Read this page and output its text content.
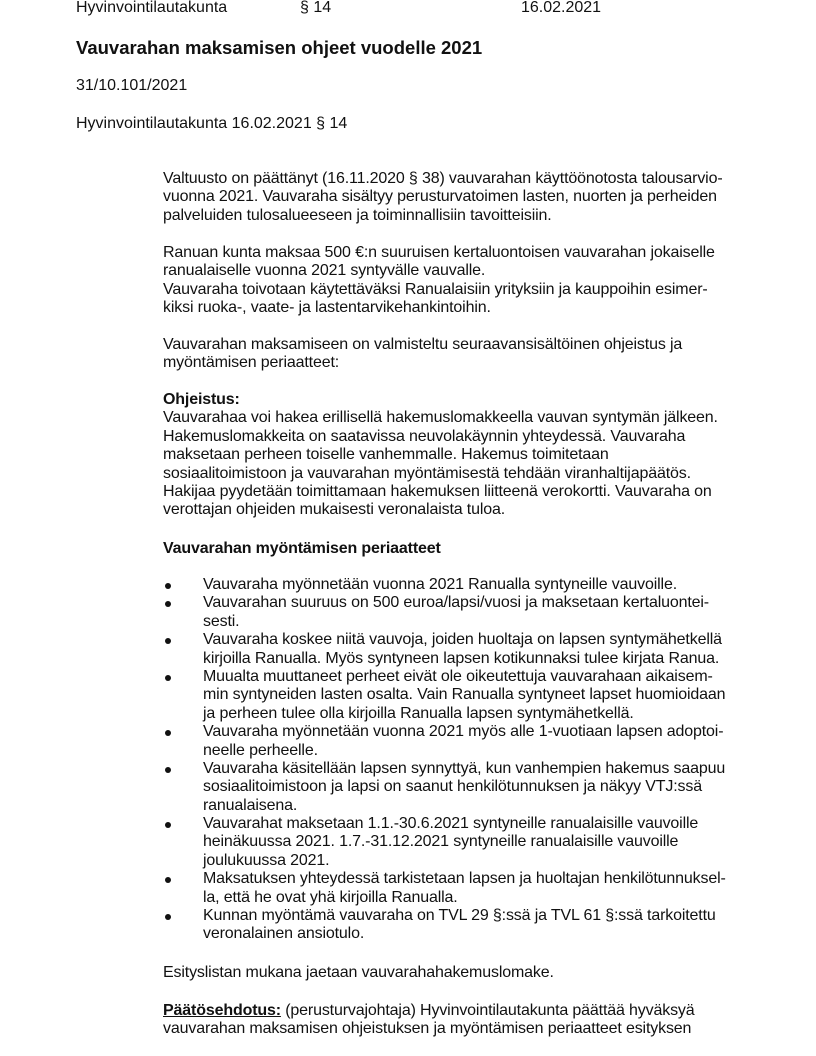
Hyvinvointilautakunta	§ 14	16.02.2021
Vauvarahan maksamisen ohjeet vuodelle 2021
31/10.101/2021
Hyvinvointilautakunta 16.02.2021 § 14
Valtuusto on päättänyt (16.11.2020 § 38) vauvarahan käyttöönotosta talousarvio-
vuonna 2021. Vauvaraha sisältyy perusturvatoimen lasten, nuorten ja perheiden
palveluiden tulosalueeseen ja toiminnallisiin tavoitteisiin.
Ranuan kunta maksaa 500 €:n suuruisen kertaluontoisen vauvarahan jokaiselle
ranualaiselle vuonna 2021 syntyvälle vauvalle.
Vauvaraha toivotaan käytettäväksi Ranualaisiin yrityksiin ja kauppoihin esimer-
kiksi ruoka-, vaate- ja lastentarvikehankintoihin.
Vauvarahan maksamiseen on valmisteltu seuraavansisältöinen ohjeistus ja
myöntämisen periaatteet:
Ohjeistus:
Vauvarahaa voi hakea erillisellä hakemuslomakkeella vauvan syntymän jälkeen.
Hakemuslomakkeita on saatavissa neuvolakäynnin yhteydessä. Vauvaraha
maksetaan perheen toiselle vanhemmalle. Hakemus toimitetaan
sosiaalitoimistoon ja vauvarahan myöntämisestä tehdään viranhaltijapäätös.
Hakijaa pyydetään toimittamaan hakemuksen liitteenä verokortti. Vauvaraha on
verottajan ohjeiden mukaisesti veronalaista tuloa.
Vauvarahan myöntämisen periaatteet
Vauvaraha myönnetään vuonna 2021 Ranualla syntyneille vauvoille.
Vauvarahan suuruus on 500 euroa/lapsi/vuosi ja maksetaan kertaluontei-
sesti.
Vauvaraha koskee niitä vauvoja, joiden huoltaja on lapsen syntymähetkellä
kirjoilla Ranualla. Myös syntyneen lapsen kotikunnaksi tulee kirjata Ranua.
Muualta muuttaneet perheet eivät ole oikeutettuja vauvarahaan aikaisem-
min syntyneiden lasten osalta. Vain Ranualla syntyneet lapset huomioidaan
ja perheen tulee olla kirjoilla Ranualla lapsen syntymähetkellä.
Vauvaraha myönnetään vuonna 2021 myös alle 1-vuotiaan lapsen adoptoi-
neelle perheelle.
Vauvaraha käsitellään lapsen synnyttyä, kun vanhempien hakemus saapuu
sosiaalitoimistoon ja lapsi on saanut henkilötunnuksen ja näkyy VTJ:ssä
ranualaisena.
Vauvarahat maksetaan 1.1.-30.6.2021 syntyneille ranualaisille vauvoille
heinäkuussa 2021. 1.7.-31.12.2021 syntyneille ranualaisille vauvoille
joulukuussa 2021.
Maksatuksen yhteydessä tarkistetaan lapsen ja huoltajan henkilötunnuksel-
la, että he ovat yhä kirjoilla Ranualla.
Kunnan myöntämä vauvaraha on TVL 29 §:ssä ja TVL 61 §:ssä tarkoitettu
veronalainen ansiotulo.
Esityslistan mukana jaetaan vauvarahahakemuslomake.
Päätösehdotus: (perusturvajohtaja) Hyvinvointilautakunta päättää hyväksyä
vauvarahan maksamisen ohjeistuksen ja myöntämisen periaatteet esityksen
